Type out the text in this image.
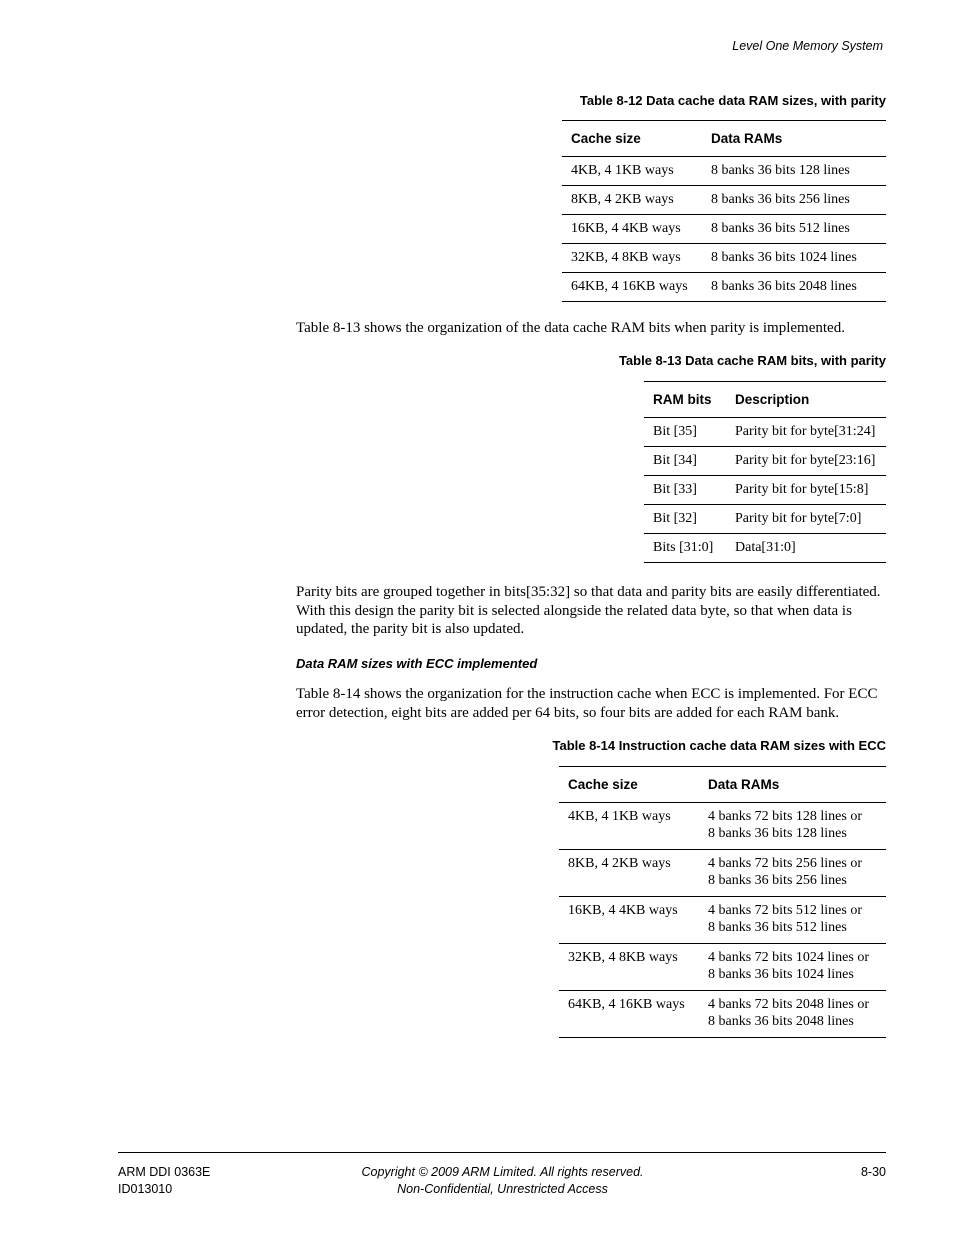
Level One Memory System
Table 8-12 Data cache data RAM sizes, with parity
Cache size	Data RAMs
4KB, 4 1KB ways	8 banks 36 bits 128 lines
8KB, 4 2KB ways	8 banks 36 bits 256 lines
16KB, 4 4KB ways	8 banks 36 bits 512 lines
32KB, 4 8KB ways	8 banks 36 bits 1024 lines
64KB, 4 16KB ways	8 banks 36 bits 2048 lines

Table 8-13 shows the organization of the data cache RAM bits when parity is implemented.

Table 8-13 Data cache RAM bits, with parity
RAM bits	Description
Bit [35]	Parity bit for byte[31:24]
Bit [34]	Parity bit for byte[23:16]
Bit [33]	Parity bit for byte[15:8]
Bit [32]	Parity bit for byte[7:0]
Bits [31:0]	Data[31:0]

Parity bits are grouped together in bits[35:32] so that data and parity bits are easily differentiated. With this design the parity bit is selected alongside the related data byte, so that when data is updated, the parity bit is also updated.

Data RAM sizes with ECC implemented

Table 8-14 shows the organization for the instruction cache when ECC is implemented. For ECC error detection, eight bits are added per 64 bits, so four bits are added for each RAM bank.

Table 8-14 Instruction cache data RAM sizes with ECC
Cache size	Data RAMs
4KB, 4 1KB ways	4 banks 72 bits 128 lines or
8 banks 36 bits 128 lines

8KB, 4 2KB ways	4 banks 72 bits 256 lines or
8 banks 36 bits 256 lines

16KB, 4 4KB ways	4 banks 72 bits 512 lines or
8 banks 36 bits 512 lines

32KB, 4 8KB ways	4 banks 72 bits 1024 lines or
8 banks 36 bits 1024 lines

64KB, 4 16KB ways	4 banks 72 bits 2048 lines or
8 banks 36 bits 2048 lines
ARM DDI 0363E
ID013010
Copyright © 2009 ARM Limited. All rights reserved.
Non-Confidential, Unrestricted Access
8-30
